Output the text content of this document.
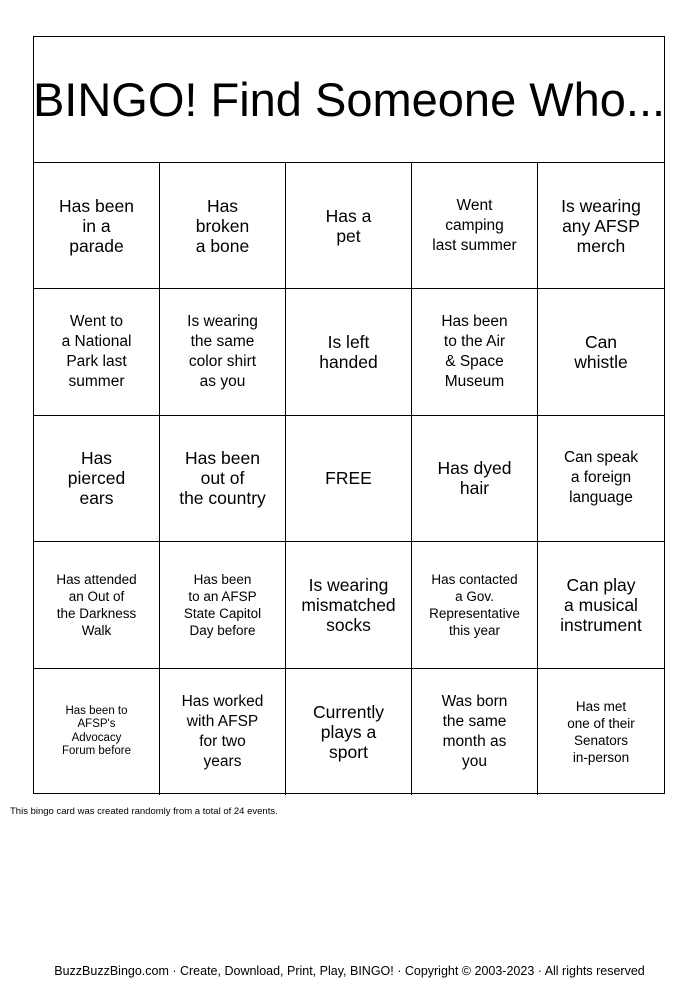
BINGO! Find Someone Who...
Has been
in a
parade
Has
broken
a bone
Has a
pet
Went
camping
last summer
Is wearing
any AFSP
merch
Went to
a National
Park last
summer
Is wearing
the same
color shirt
as you
Is left
handed
Has been
to the Air
& Space
Museum
Can
whistle
Has
pierced
ears
Has been
out of
the country
FREE	Has dyed
hair
Can speak
a foreign
language
Has attended
an Out of
the Darkness
Walk
Has been
to an AFSP
State Capitol
Day before
Is wearing
mismatched
socks
Has contacted
a Gov.
Representative
this year
Can play
a musical
instrument
Has been to
AFSP's
Advocacy
Forum before
Has worked
with AFSP
for two
years
Currently
plays a
sport
Was born
the same
month as
you
Has met
one of their
Senators
in-person
This bingo card was created randomly from a total of 24 events.
BuzzBuzzBingo.com · Create, Download, Print, Play, BINGO! · Copyright © 2003-2023 · All rights reserved
